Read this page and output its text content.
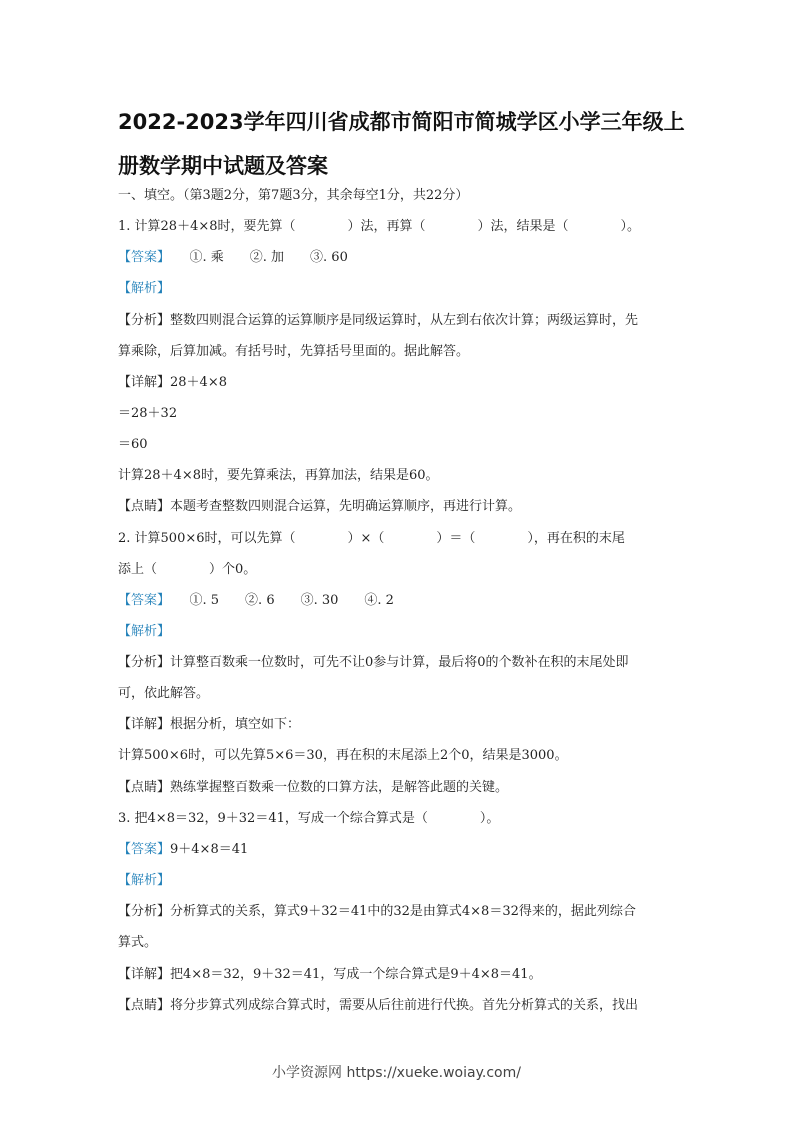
2022-2023学年四川省成都市简阳市简城学区小学三年级上
册数学期中试题及答案
一、填空。（第3题2分，第7题3分，其余每空1分，共22分）
1. 计算28＋4×8时，要先算（　　　　）法，再算（　　　　）法，结果是（　　　　）。
【答案】　　①. 乘　　②. 加　　③. 60
【解析】
【分析】整数四则混合运算的运算顺序是同级运算时，从左到右依次计算；两级运算时，先
算乘除，后算加减。有括号时，先算括号里面的。据此解答。
【详解】28＋4×8
＝28＋32
＝60
计算28＋4×8时，要先算乘法，再算加法，结果是60。
【点睛】本题考查整数四则混合运算，先明确运算顺序，再进行计算。
2. 计算500×6时，可以先算（　　　　）×（　　　　）＝（　　　　），再在积的末尾
添上（　　　　）个0。
【答案】　　①. 5　　②. 6　　③. 30　　④. 2
【解析】
【分析】计算整百数乘一位数时，可先不让0参与计算，最后将0的个数补在积的末尾处即
可，依此解答。
【详解】根据分析，填空如下：
计算500×6时，可以先算5×6＝30，再在积的末尾添上2个0，结果是3000。
【点睛】熟练掌握整百数乘一位数的口算方法，是解答此题的关键。
3. 把4×8＝32，9＋32＝41，写成一个综合算式是（　　　　）。
【答案】9＋4×8＝41
【解析】
【分析】分析算式的关系，算式9＋32＝41中的32是由算式4×8＝32得来的，据此列综合
算式。
【详解】把4×8＝32，9＋32＝41，写成一个综合算式是9＋4×8＝41。
【点睛】将分步算式列成综合算式时，需要从后往前进行代换。首先分析算式的关系，找出
小学资源网 https://xueke.woiay.com/
